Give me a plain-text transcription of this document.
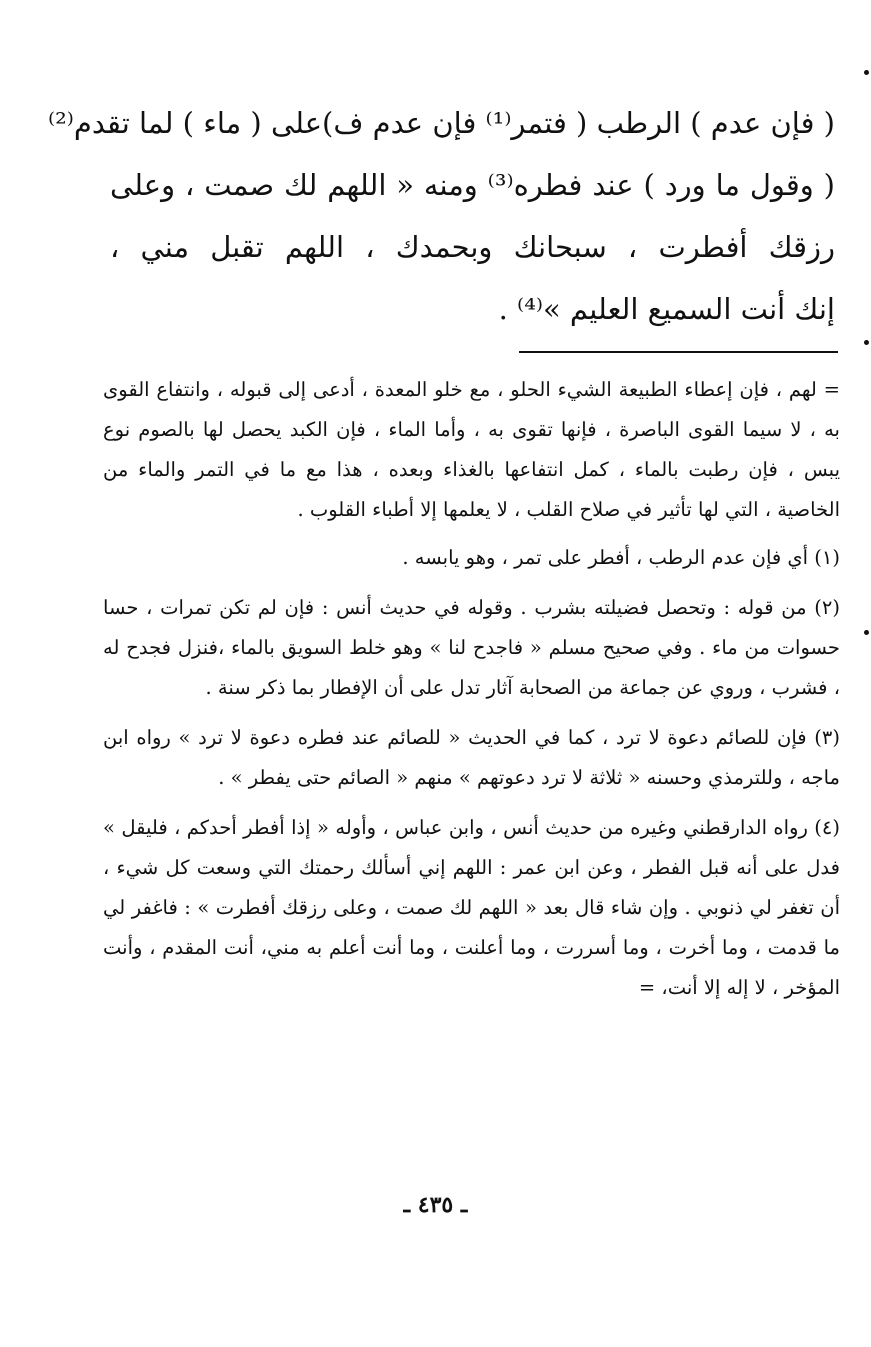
( فإن عدم ) الرطب ( فتمر⁽¹⁾ فإن عدم ف)على ( ماء ) لما تقدم⁽²⁾
( وقول ما ورد ) عند فطره⁽³⁾ ومنه « اللهم لك صمت ، وعلى
رزقك أفطرت ، سبحانك وبحمدك ، اللهم تقبل مني ،
إنك أنت السميع العليم »⁽⁴⁾ .

= لهم ، فإن إعطاء الطبيعة الشيء الحلو ، مع خلو المعدة ، أدعى إلى قبوله ، وانتفاع القوى به ، لا سيما القوى الباصرة ، فإنها تقوى به ، وأما الماء ، فإن الكبد يحصل لها بالصوم نوع يبس ، فإن رطبت بالماء ، كمل انتفاعها بالغذاء وبعده ، هذا مع ما في التمر والماء من الخاصية ، التي لها تأثير في صلاح القلب ، لا يعلمها إلا أطباء القلوب .

(١) أي فإن عدم الرطب ، أفطر على تمر ، وهو يابسه .

(٢) من قوله : وتحصل فضيلته بشرب . وقوله في حديث أنس : فإن لم تكن تمرات ، حسا حسوات من ماء . وفي صحيح مسلم « فاجدح لنا » وهو خلط السويق بالماء ،فنزل فجدح له ، فشرب ، وروي عن جماعة من الصحابة آثار تدل على أن الإفطار بما ذكر سنة .

(٣) فإن للصائم دعوة لا ترد ، كما في الحديث « للصائم عند فطره دعوة لا ترد » رواه ابن ماجه ، وللترمذي وحسنه « ثلاثة لا ترد دعوتهم » منهم « الصائم حتى يفطر » .

(٤) رواه الدارقطني وغيره من حديث أنس ، وابن عباس ، وأوله « إذا أفطر أحدكم ، فليقل » فدل على أنه قبل الفطر ، وعن ابن عمر : اللهم إني أسألك رحمتك التي وسعت كل شيء ، أن تغفر لي ذنوبي . وإن شاء قال بعد « اللهم لك صمت ، وعلى رزقك أفطرت » : فاغفر لي ما قدمت ، وما أخرت ، وما أسررت ، وما أعلنت ، وما أنت أعلم به مني، أنت المقدم ، وأنت المؤخر ، لا إله إلا أنت، =

ـ ٤٣٥ ـ
